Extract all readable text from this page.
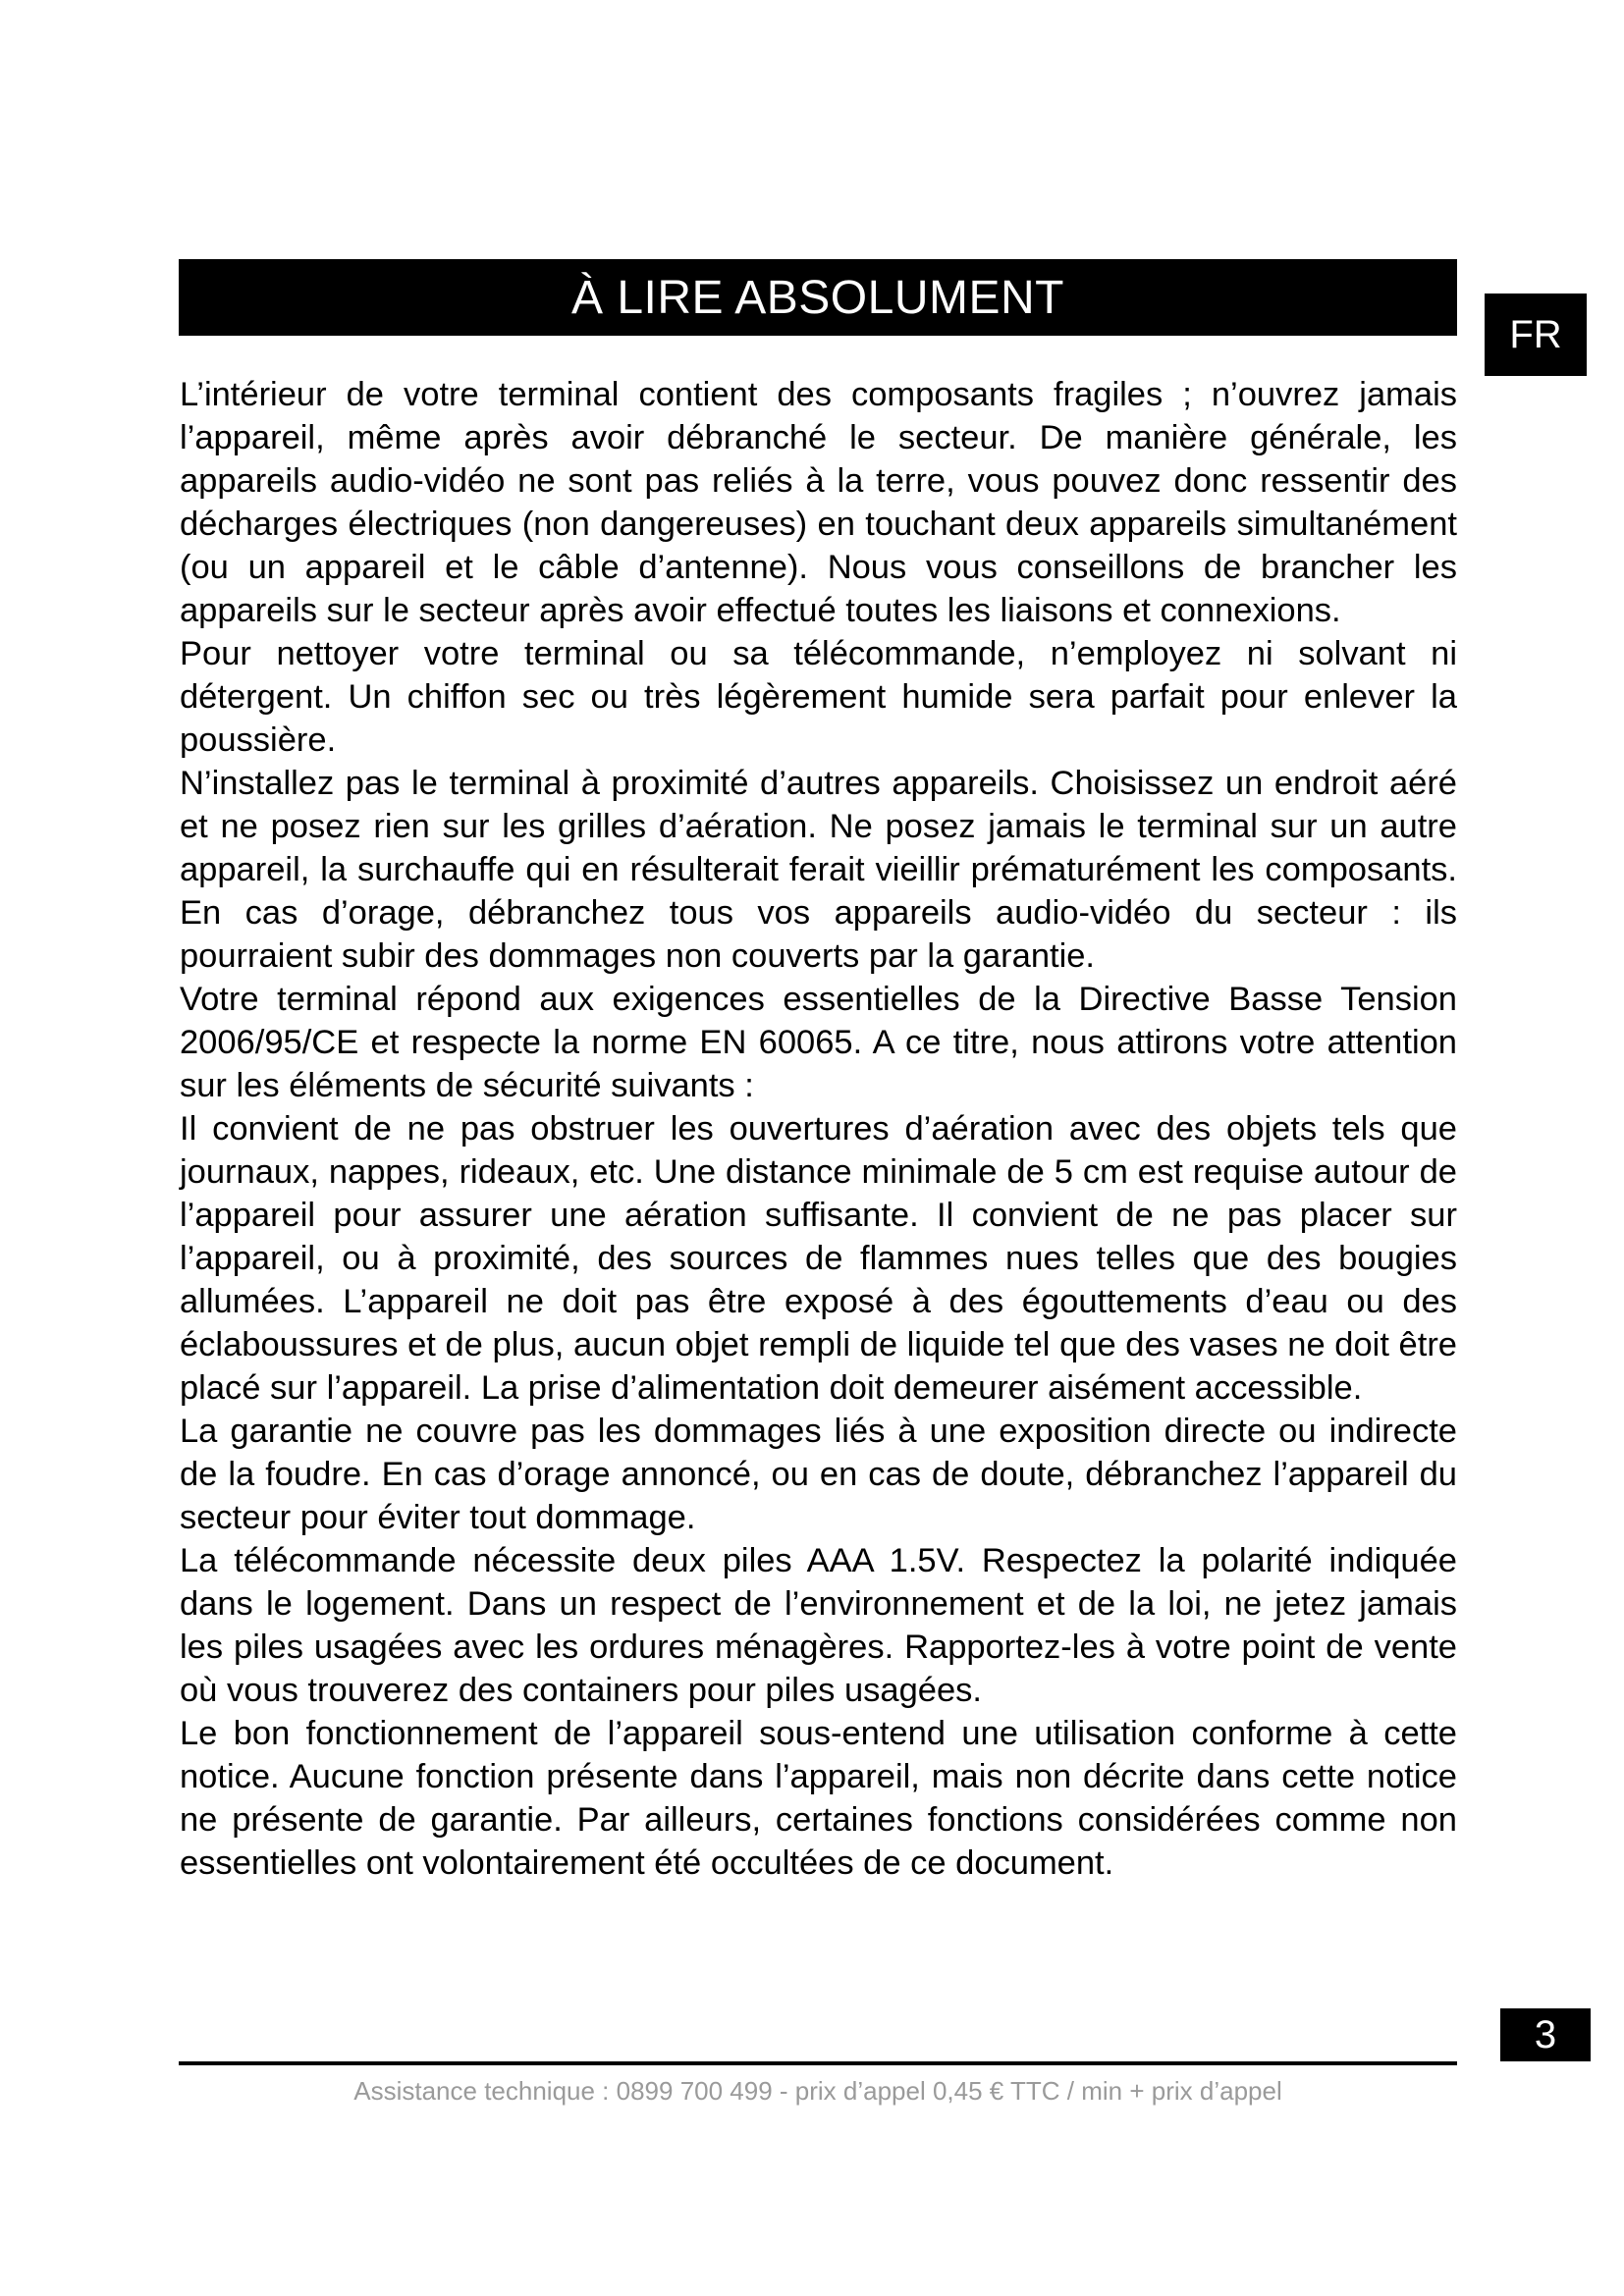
À LIRE ABSOLUMENT
FR

L’intérieur de votre terminal contient des composants fragiles ; n’ouvrez jamais l’appareil, même après avoir débranché le secteur. De manière générale, les appareils audio-vidéo ne sont pas reliés à la terre, vous pouvez donc ressentir des décharges électriques (non dangereuses) en touchant deux appareils simultanément (ou un appareil et le câble d’antenne). Nous vous conseillons de brancher les appareils sur le secteur après avoir effectué toutes les liaisons et connexions.

Pour nettoyer votre terminal ou sa télécommande, n’employez ni solvant ni détergent. Un chiffon sec ou très légèrement humide sera parfait pour enlever la poussière.

N’installez pas le terminal à proximité d’autres appareils. Choisissez un endroit aéré et ne posez rien sur les grilles d’aération. Ne posez jamais le terminal sur un autre appareil, la surchauffe qui en résulterait ferait vieillir prématurément les composants. En cas d’orage, débranchez tous vos appareils audio-vidéo du secteur : ils pourraient subir des dommages non couverts par la garantie.

Votre terminal répond aux exigences essentielles de la Directive Basse Tension 2006/95/CE et respecte la norme EN 60065. A ce titre, nous attirons votre attention sur les éléments de sécurité suivants :

Il convient de ne pas obstruer les ouvertures d’aération avec des objets tels que journaux, nappes, rideaux, etc. Une distance minimale de 5 cm est requise autour de l’appareil pour assurer une aération suffisante. Il convient de ne pas placer sur l’appareil, ou à proximité, des sources de flammes nues telles que des bougies allumées. L’appareil ne doit pas être exposé à des égouttements d’eau ou des éclaboussures et de plus, aucun objet rempli de liquide tel que des vases ne doit être placé sur l’appareil. La prise d’alimentation doit demeurer aisément accessible.

La garantie ne couvre pas les dommages liés à une exposition directe ou indirecte de la foudre. En cas d’orage annoncé, ou en cas de doute, débranchez l’appareil du secteur pour éviter tout dommage.

La télécommande nécessite deux piles AAA 1.5V. Respectez la polarité indiquée dans le logement. Dans un respect de l’environnement et de la loi, ne jetez jamais les piles usagées avec les ordures ménagères. Rapportez-les à votre point de vente où vous trouverez des containers pour piles usagées.

Le bon fonctionnement de l’appareil sous-entend une utilisation conforme à cette notice. Aucune fonction présente dans l’appareil, mais non décrite dans cette notice ne présente de garantie. Par ailleurs, certaines fonctions considérées comme non essentielles ont volontairement été occultées de ce document.

3
Assistance technique : 0899 700 499 - prix d’appel 0,45 € TTC / min + prix d’appel
